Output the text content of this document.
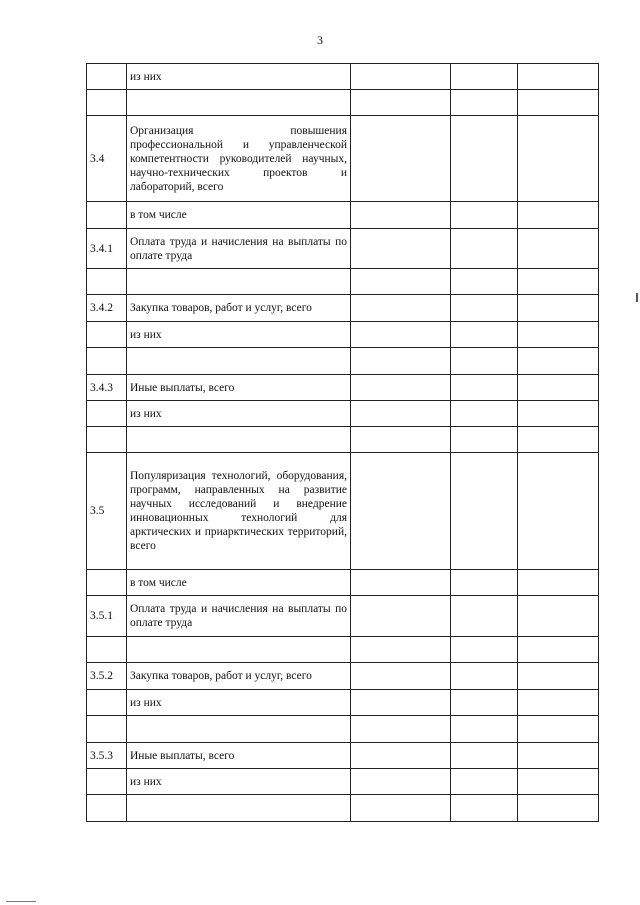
3
	из них			

3.4	Организация повышения профессиональной и управленческой компетентности руководителей научных, научно-технических проектов и лабораторий, всего			
	в том числе			
3.4.1	Оплата труда и начисления на выплаты по оплате труда			

3.4.2	Закупка товаров, работ и услуг, всего			
	из них			

3.4.3	Иные выплаты, всего			
	из них			

3.5	Популяризация технологий, оборудования, программ, направленных на развитие научных исследований и внедрение инновационных технологий для арктических и приарктических территорий, всего			
	в том числе			
3.5.1	Оплата труда и начисления на выплаты по оплате труда			

3.5.2	Закупка товаров, работ и услуг, всего			
	из них			

3.5.3	Иные выплаты, всего			
	из них			
